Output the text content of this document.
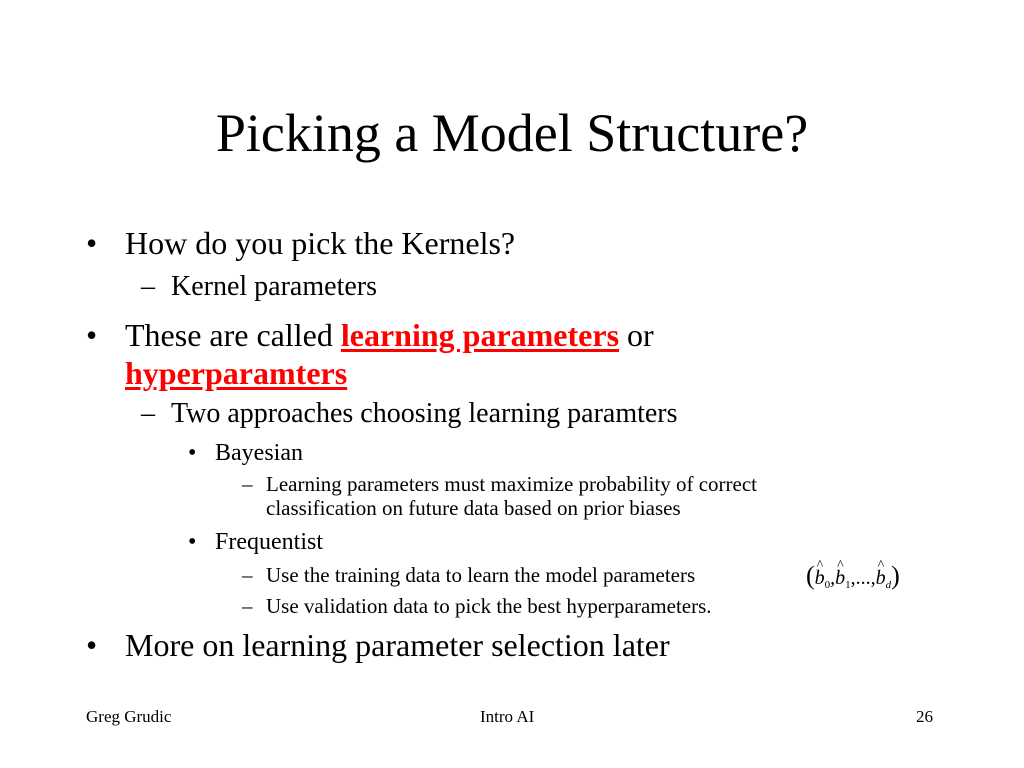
Picking a Model Structure?
• How do you pick the Kernels?
– Kernel parameters
• These are called learning parameters or
hyperparamters
– Two approaches choosing learning paramters
• Bayesian
– Learning parameters must maximize probability of correct
classification on future data based on prior biases
• Frequentist
– Use the training data to learn the model parameters	(^ $b_0,\^{}$ $b_1,...,\^{}$ $b_d$)
– Use validation data to pick the best hyperparameters.
• More on learning parameter selection later
Greg Grudic	Intro AI	26
